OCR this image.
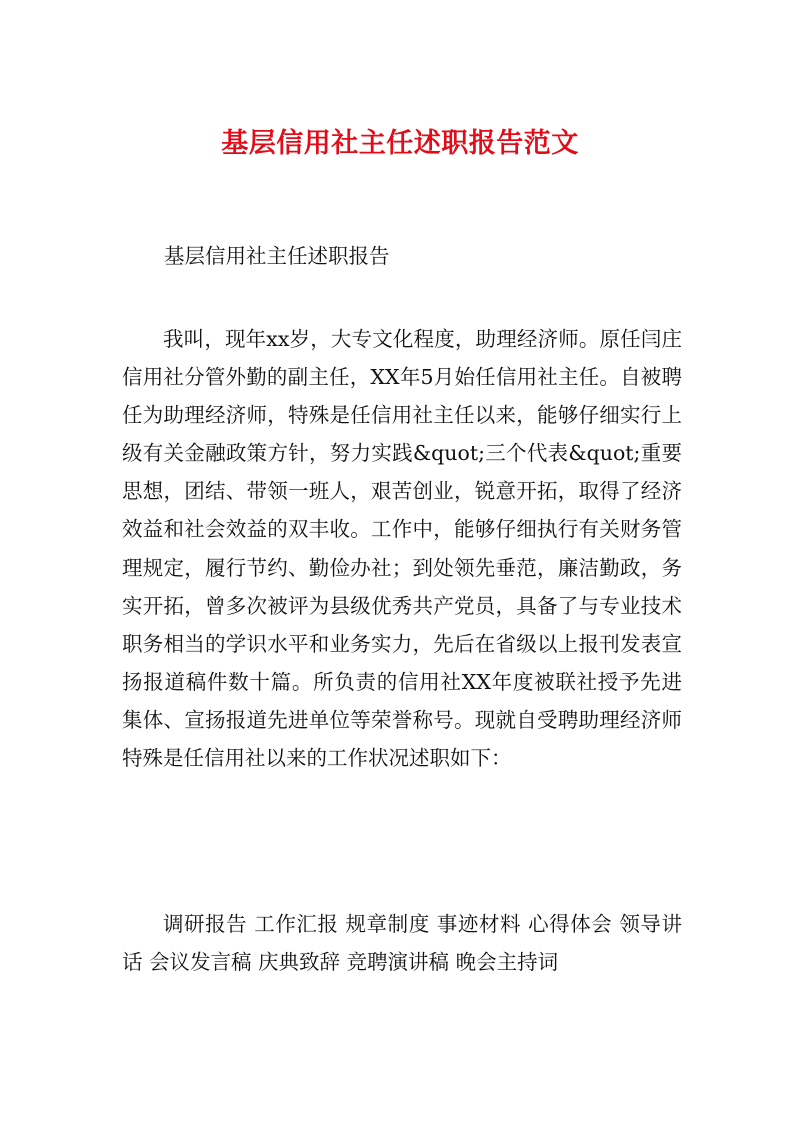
基层信用社主任述职报告范文
基层信用社主任述职报告

我叫，现年xx岁，大专文化程度，助理经济师。原任闫庄信用社分管外勤的副主任，XX年5月始任信用社主任。自被聘任为助理经济师，特殊是任信用社主任以来，能够仔细实行上级有关金融政策方针，努力实践&quot;三个代表&quot;重要思想，团结、带领一班人，艰苦创业，锐意开拓，取得了经济效益和社会效益的双丰收。工作中，能够仔细执行有关财务管理规定，履行节约、勤俭办社；到处领先垂范，廉洁勤政，务实开拓，曾多次被评为县级优秀共产党员，具备了与专业技术职务相当的学识水平和业务实力，先后在省级以上报刊发表宣扬报道稿件数十篇。所负责的信用社XX年度被联社授予先进集体、宣扬报道先进单位等荣誉称号。现就自受聘助理经济师特殊是任信用社以来的工作状况述职如下：

调研报告 工作汇报 规章制度 事迹材料 心得体会 领导讲话 会议发言稿 庆典致辞 竞聘演讲稿 晚会主持词
